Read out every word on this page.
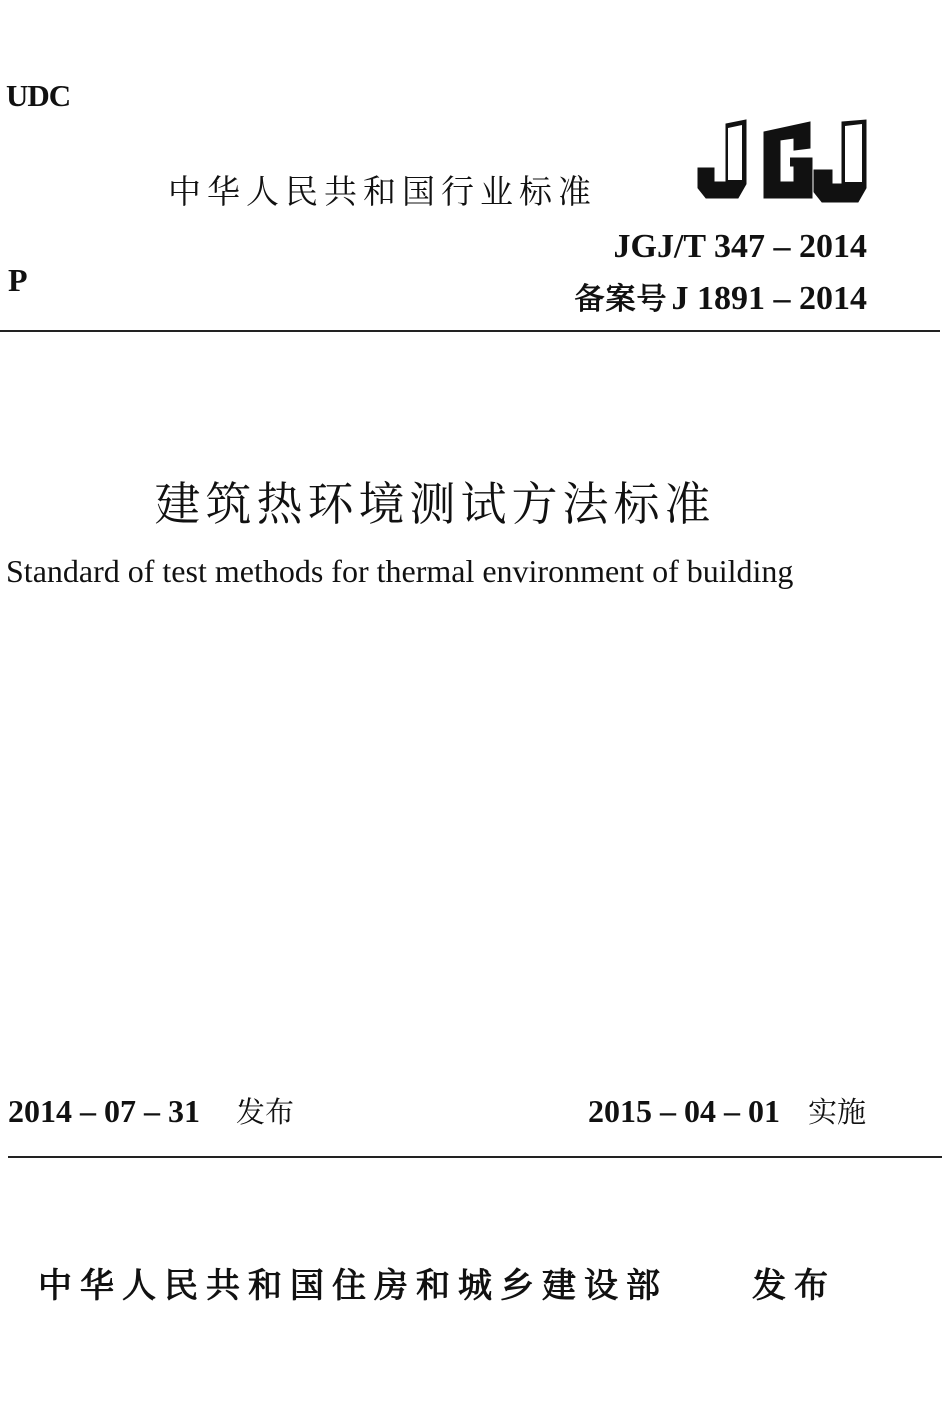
UDC
中华人民共和国行业标准
JGJ
P
JGJ/T 347 – 2014
备案号 J 1891 – 2014
建筑热环境测试方法标准
Standard of test methods for thermal environment of building
2014 – 07 – 31 发布	2015 – 04 – 01 实施
中华人民共和国住房和城乡建设部 发布
